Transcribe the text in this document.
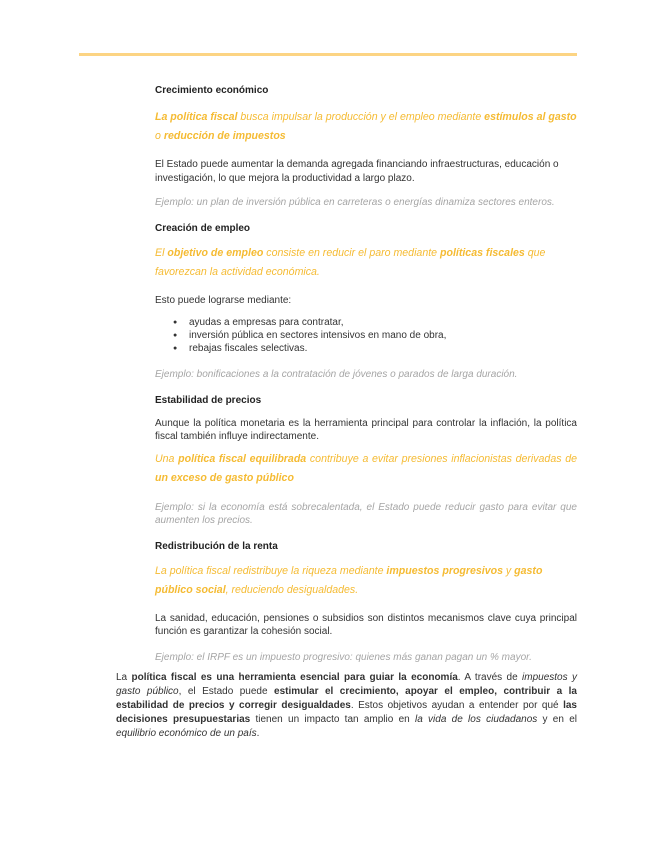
Crecimiento económico

La política fiscal busca impulsar la producción y el empleo mediante estímulos al gasto o reducción de impuestos

El Estado puede aumentar la demanda agregada financiando infraestructuras, educación o investigación, lo que mejora la productividad a largo plazo.

Ejemplo: un plan de inversión pública en carreteras o energías dinamiza sectores enteros.

Creación de empleo

El objetivo de empleo consiste en reducir el paro mediante políticas fiscales que favorezcan la actividad económica.

Esto puede lograrse mediante:

● ayudas a empresas para contratar,
● inversión pública en sectores intensivos en mano de obra,
● rebajas fiscales selectivas.

Ejemplo: bonificaciones a la contratación de jóvenes o parados de larga duración.

Estabilidad de precios

Aunque la política monetaria es la herramienta principal para controlar la inflación, la política fiscal también influye indirectamente.

Una política fiscal equilibrada contribuye a evitar presiones inflacionistas derivadas de un exceso de gasto público

Ejemplo: si la economía está sobrecalentada, el Estado puede reducir gasto para evitar que aumenten los precios.

Redistribución de la renta

La política fiscal redistribuye la riqueza mediante impuestos progresivos y gasto público social, reduciendo desigualdades.

La sanidad, educación, pensiones o subsidios son distintos mecanismos clave cuya principal función es garantizar la cohesión social.

Ejemplo: el IRPF es un impuesto progresivo: quienes más ganan pagan un % mayor.

La política fiscal es una herramienta esencial para guiar la economía. A través de impuestos y gasto público, el Estado puede estimular el crecimiento, apoyar el empleo, contribuir a la estabilidad de precios y corregir desigualdades. Estos objetivos ayudan a entender por qué las decisiones presupuestarias tienen un impacto tan amplio en la vida de los ciudadanos y en el equilibrio económico de un país.
